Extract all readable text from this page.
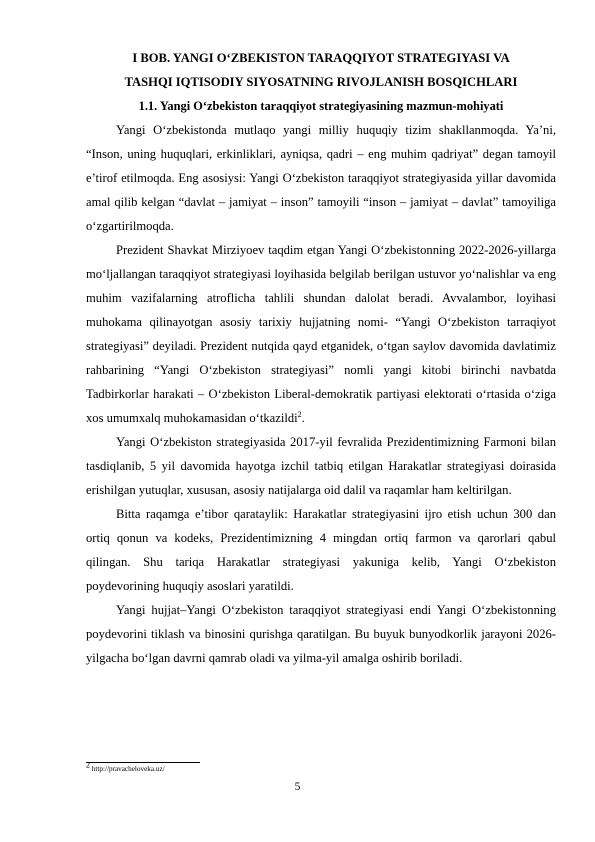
I BOB. YANGI O‘ZBEKISTON TARAQQIYOT STRATEGIYASI VA
TASHQI IQTISODIY SIYOSATNING RIVOJLANISH BOSQICHLARI
1.1. Yangi O‘zbekiston taraqqiyot strategiyasining mazmun-mohiyati

Yangi O‘zbekistonda mutlaqo yangi milliy huquqiy tizim shakllanmoqda. Ya’ni, “Inson, uning huquqlari, erkinliklari, ayniqsa, qadri – eng muhim qadriyat” degan tamoyil e’tirof etilmoqda. Eng asosiysi: Yangi O‘zbekiston taraqqiyot strategiyasida yillar davomida amal qilib kelgan “davlat – jamiyat – inson” tamoyili “inson – jamiyat – davlat” tamoyiliga o‘zgartirilmoqda.

Prezident Shavkat Mirziyoev taqdim etgan Yangi O‘zbekistonning 2022-2026-yillarga mo‘ljallangan taraqqiyot strategiyasi loyihasida belgilab berilgan ustuvor yo‘nalishlar va eng muhim vazifalarning atroflicha tahlili shundan dalolat beradi. Avvalambor, loyihasi muhokama qilinayotgan asosiy tarixiy hujjatning nomi- “Yangi O‘zbekiston tarraqiyot strategiyasi” deyiladi. Prezident nutqida qayd etganidek, o‘tgan saylov davomida davlatimiz rahbarining “Yangi O‘zbekiston strategiyasi” nomli yangi kitobi birinchi navbatda Tadbirkorlar harakati – O‘zbekiston Liberal-demokratik partiyasi elektorati o‘rtasida o‘ziga xos umumxalq muhokamasidan o‘tkazildi$^2$.

Yangi O‘zbekiston strategiyasida 2017-yil fevralida Prezidentimizning Farmoni bilan tasdiqlanib, 5 yil davomida hayotga izchil tatbiq etilgan Harakatlar strategiyasi doirasida erishilgan yutuqlar, xususan, asosiy natijalarga oid dalil va raqamlar ham keltirilgan.

Bitta raqamga e’tibor qarataylik: Harakatlar strategiyasini ijro etish uchun 300 dan ortiq qonun va kodeks, Prezidentimizning 4 mingdan ortiq farmon va qarorlari qabul qilingan. Shu tariqa Harakatlar strategiyasi yakuniga kelib, Yangi O‘zbekiston poydevorining huquqiy asoslari yaratildi.

Yangi hujjat–Yangi O‘zbekiston taraqqiyot strategiyasi endi Yangi O‘zbekistonning poydevorini tiklash va binosini qurishga qaratilgan. Bu buyuk bunyodkorlik jarayoni 2026-yilgacha bo‘lgan davrni qamrab oladi va yilma-yil amalga oshirib boriladi.

$^2$ http://pravacheloveka.uz/
5
